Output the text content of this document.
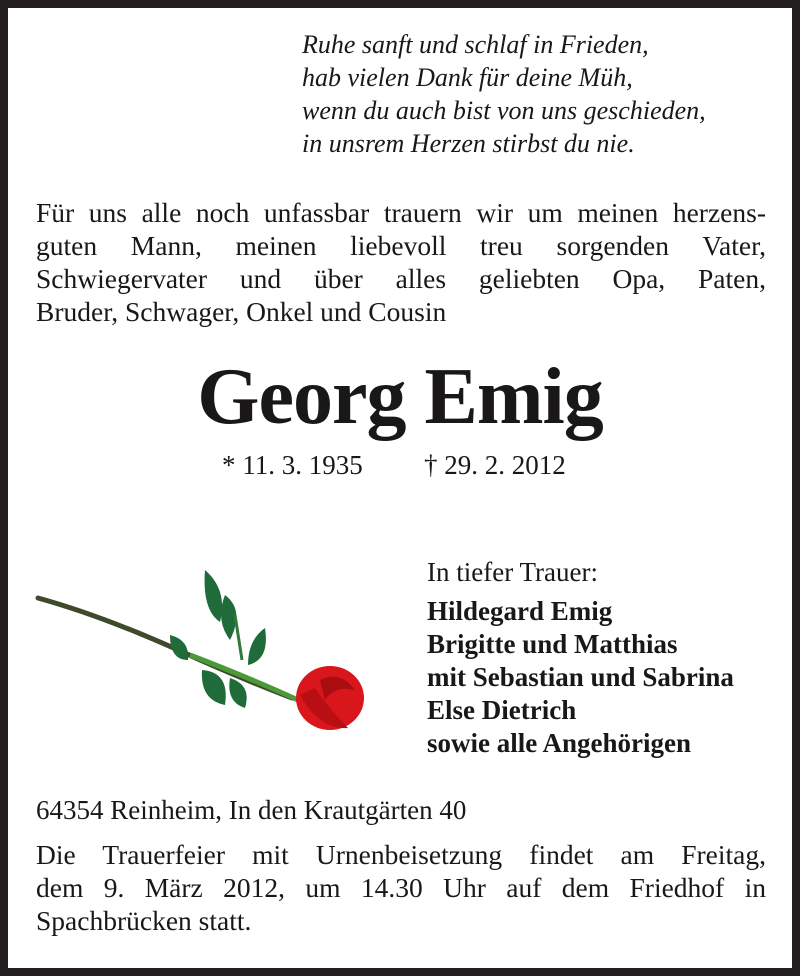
Ruhe sanft und schlaf in Frieden,
hab vielen Dank für deine Müh,
wenn du auch bist von uns geschieden,
in unsrem Herzen stirbst du nie.
Für uns alle noch unfassbar trauern wir um meinen herzens-
guten Mann, meinen liebevoll treu sorgenden Vater,
Schwiegervater und über alles geliebten Opa, Paten,
Bruder, Schwager, Onkel und Cousin
Georg Emig
* 11. 3. 1935 † 29. 2. 2012
In tiefer Trauer:
Hildegard Emig
Brigitte und Matthias
mit Sebastian und Sabrina
Else Dietrich
sowie alle Angehörigen
64354 Reinheim, In den Krautgärten 40
Die Trauerfeier mit Urnenbeisetzung findet am Freitag,
dem 9. März 2012, um 14.30 Uhr auf dem Friedhof in
Spachbrücken statt.
